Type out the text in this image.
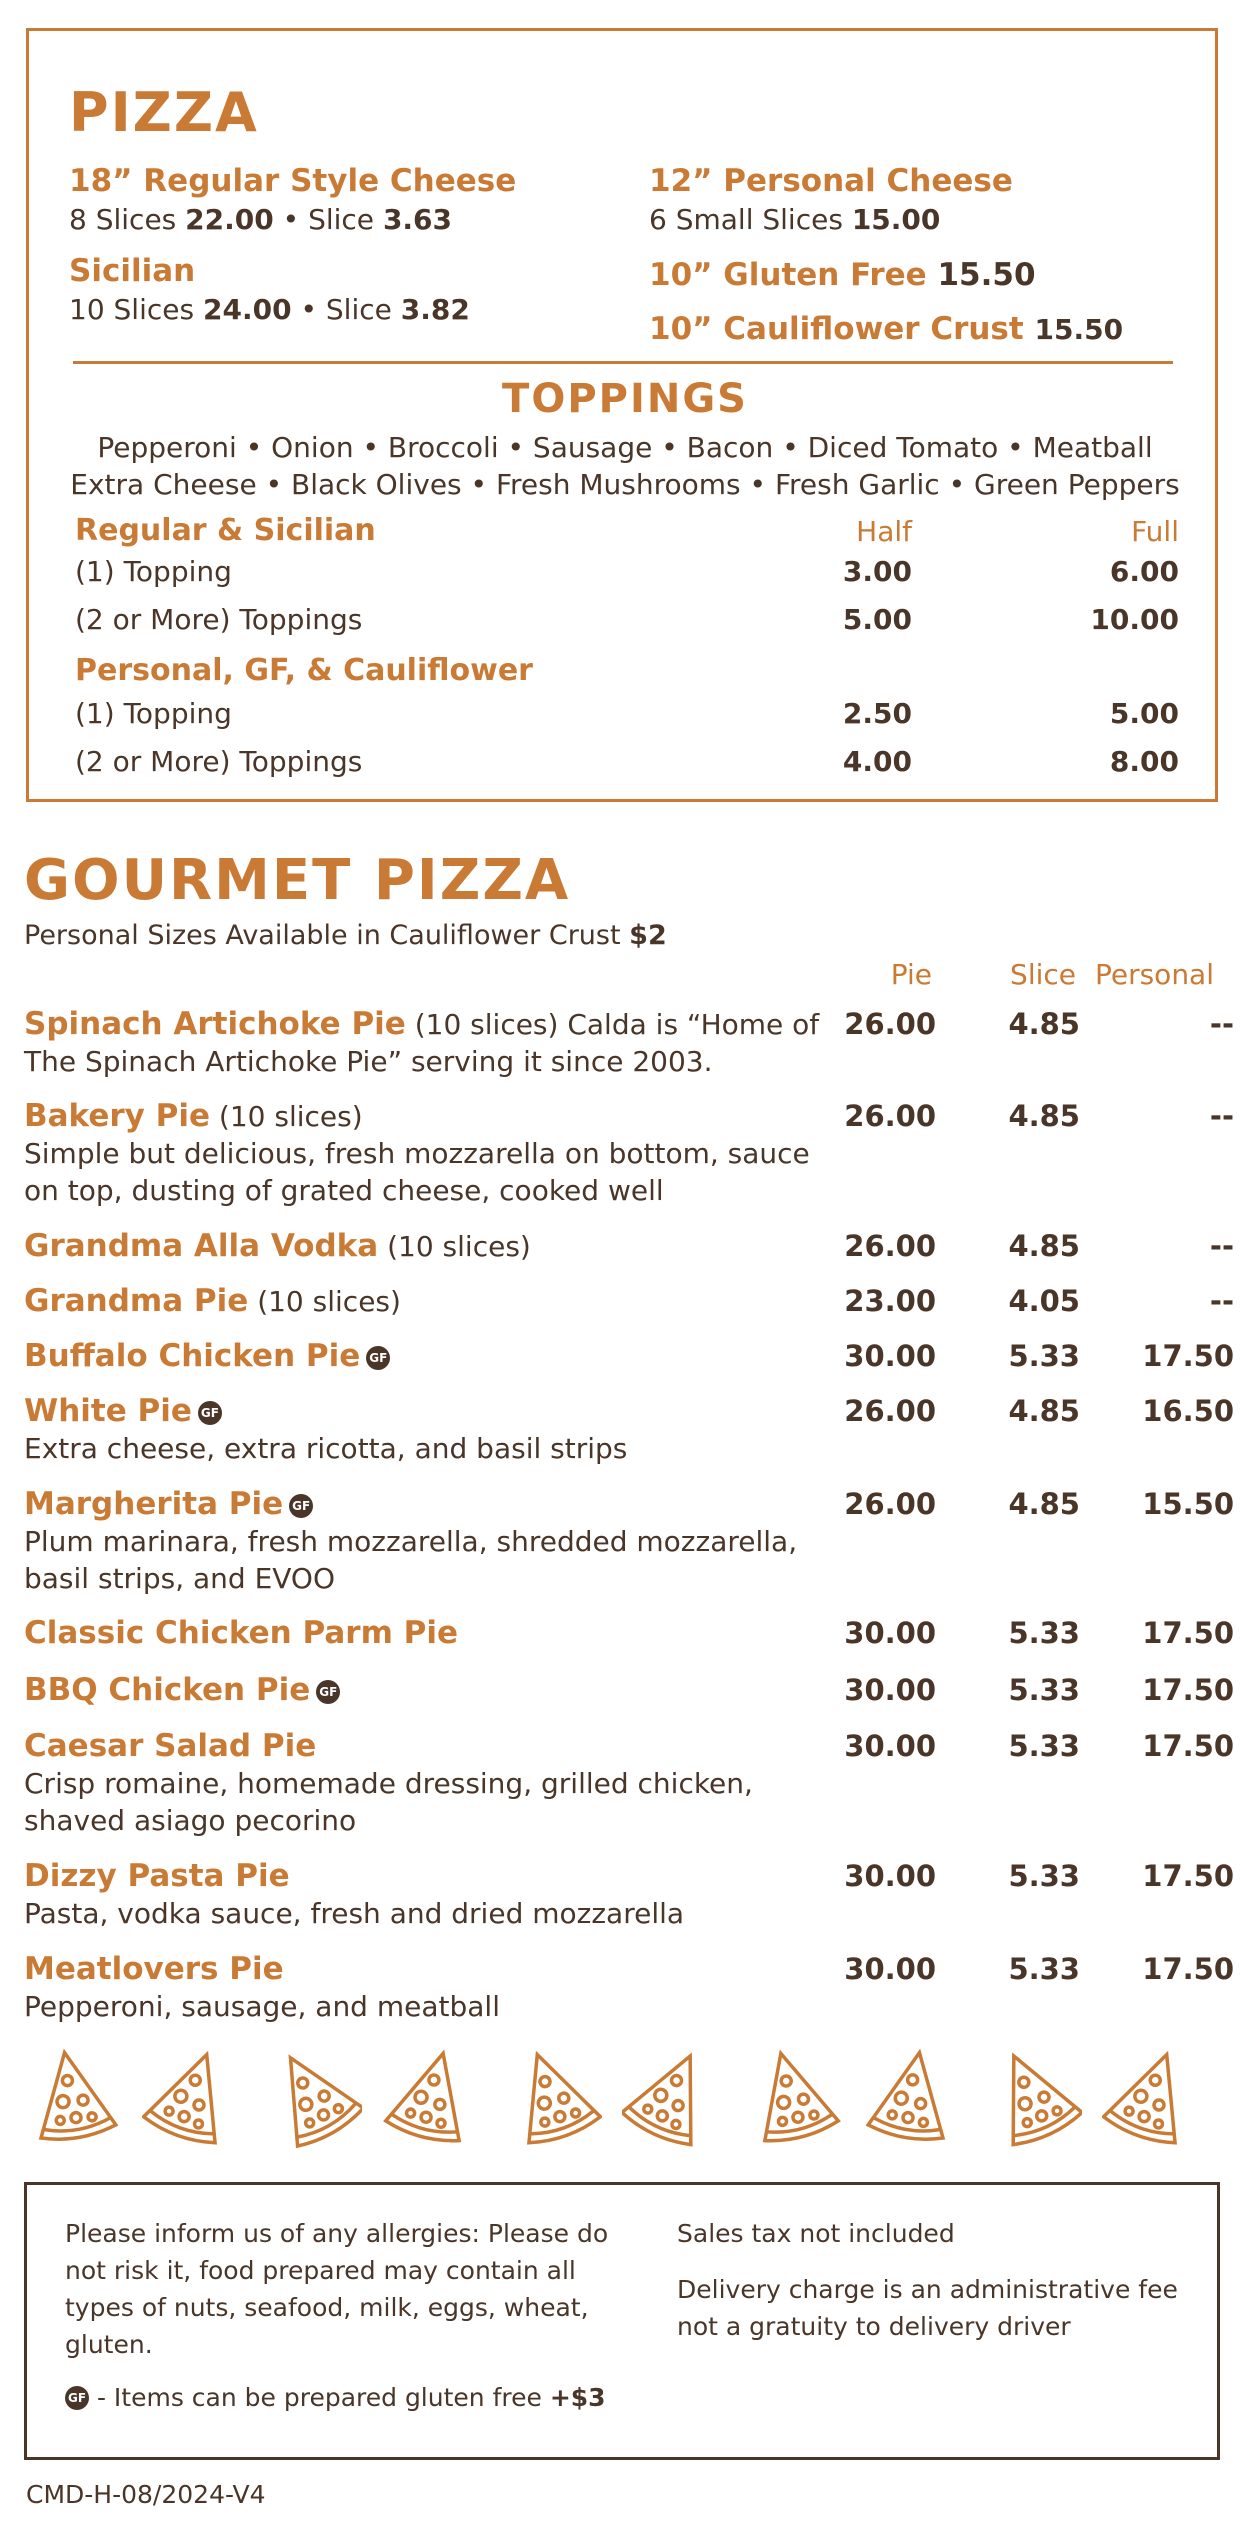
PIZZA
18” Regular Style Cheese
8 Slices 22.00 • Slice 3.63
Sicilian
10 Slices 24.00 • Slice 3.82
12” Personal Cheese
6 Small Slices 15.00
10” Gluten Free 15.50
10” Cauliflower Crust 15.50
TOPPINGS
Pepperoni • Onion • Broccoli • Sausage • Bacon • Diced Tomato • Meatball
Extra Cheese • Black Olives • Fresh Mushrooms • Fresh Garlic • Green Peppers
Regular & Sicilian	Half	Full
(1) Topping	3.00	6.00
(2 or More) Toppings	5.00	10.00
Personal, GF, & Cauliflower
(1) Topping	2.50	5.00
(2 or More) Toppings	4.00	8.00
GOURMET PIZZA
Personal Sizes Available in Cauliflower Crust $2
Pie	Slice Personal
Spinach Artichoke Pie (10 slices) Calda is “Home of
The Spinach Artichoke Pie” serving it since 2003.
26.00	4.85	--
Bakery Pie (10 slices)
Simple but delicious, fresh mozzarella on bottom, sauce
on top, dusting of grated cheese, cooked well
26.00	4.85	--
Grandma Alla Vodka (10 slices)	26.00	4.85	--
Grandma Pie (10 slices)	23.00	4.05	--
Buffalo Chicken Pie GF	30.00	5.33	17.50
White Pie GF
Extra cheese, extra ricotta, and basil strips
26.00	4.85	16.50
Margherita Pie GF
Plum marinara, fresh mozzarella, shredded mozzarella,
basil strips, and EVOO
26.00	4.85	15.50
Classic Chicken Parm Pie	30.00	5.33	17.50
BBQ Chicken Pie GF	30.00	5.33	17.50
Caesar Salad Pie
Crisp romaine, homemade dressing, grilled chicken,
shaved asiago pecorino
30.00	5.33	17.50
Dizzy Pasta Pie
Pasta, vodka sauce, fresh and dried mozzarella
30.00	5.33	17.50
Meatlovers Pie
Pepperoni, sausage, and meatball
30.00	5.33	17.50
Please inform us of any allergies: Please do
not risk it, food prepared may contain all
types of nuts, seafood, milk, eggs, wheat,
gluten.
GF - Items can be prepared gluten free +$3
Sales tax not included
Delivery charge is an administrative fee
not a gratuity to delivery driver
CMD-H-08/2024-V4
